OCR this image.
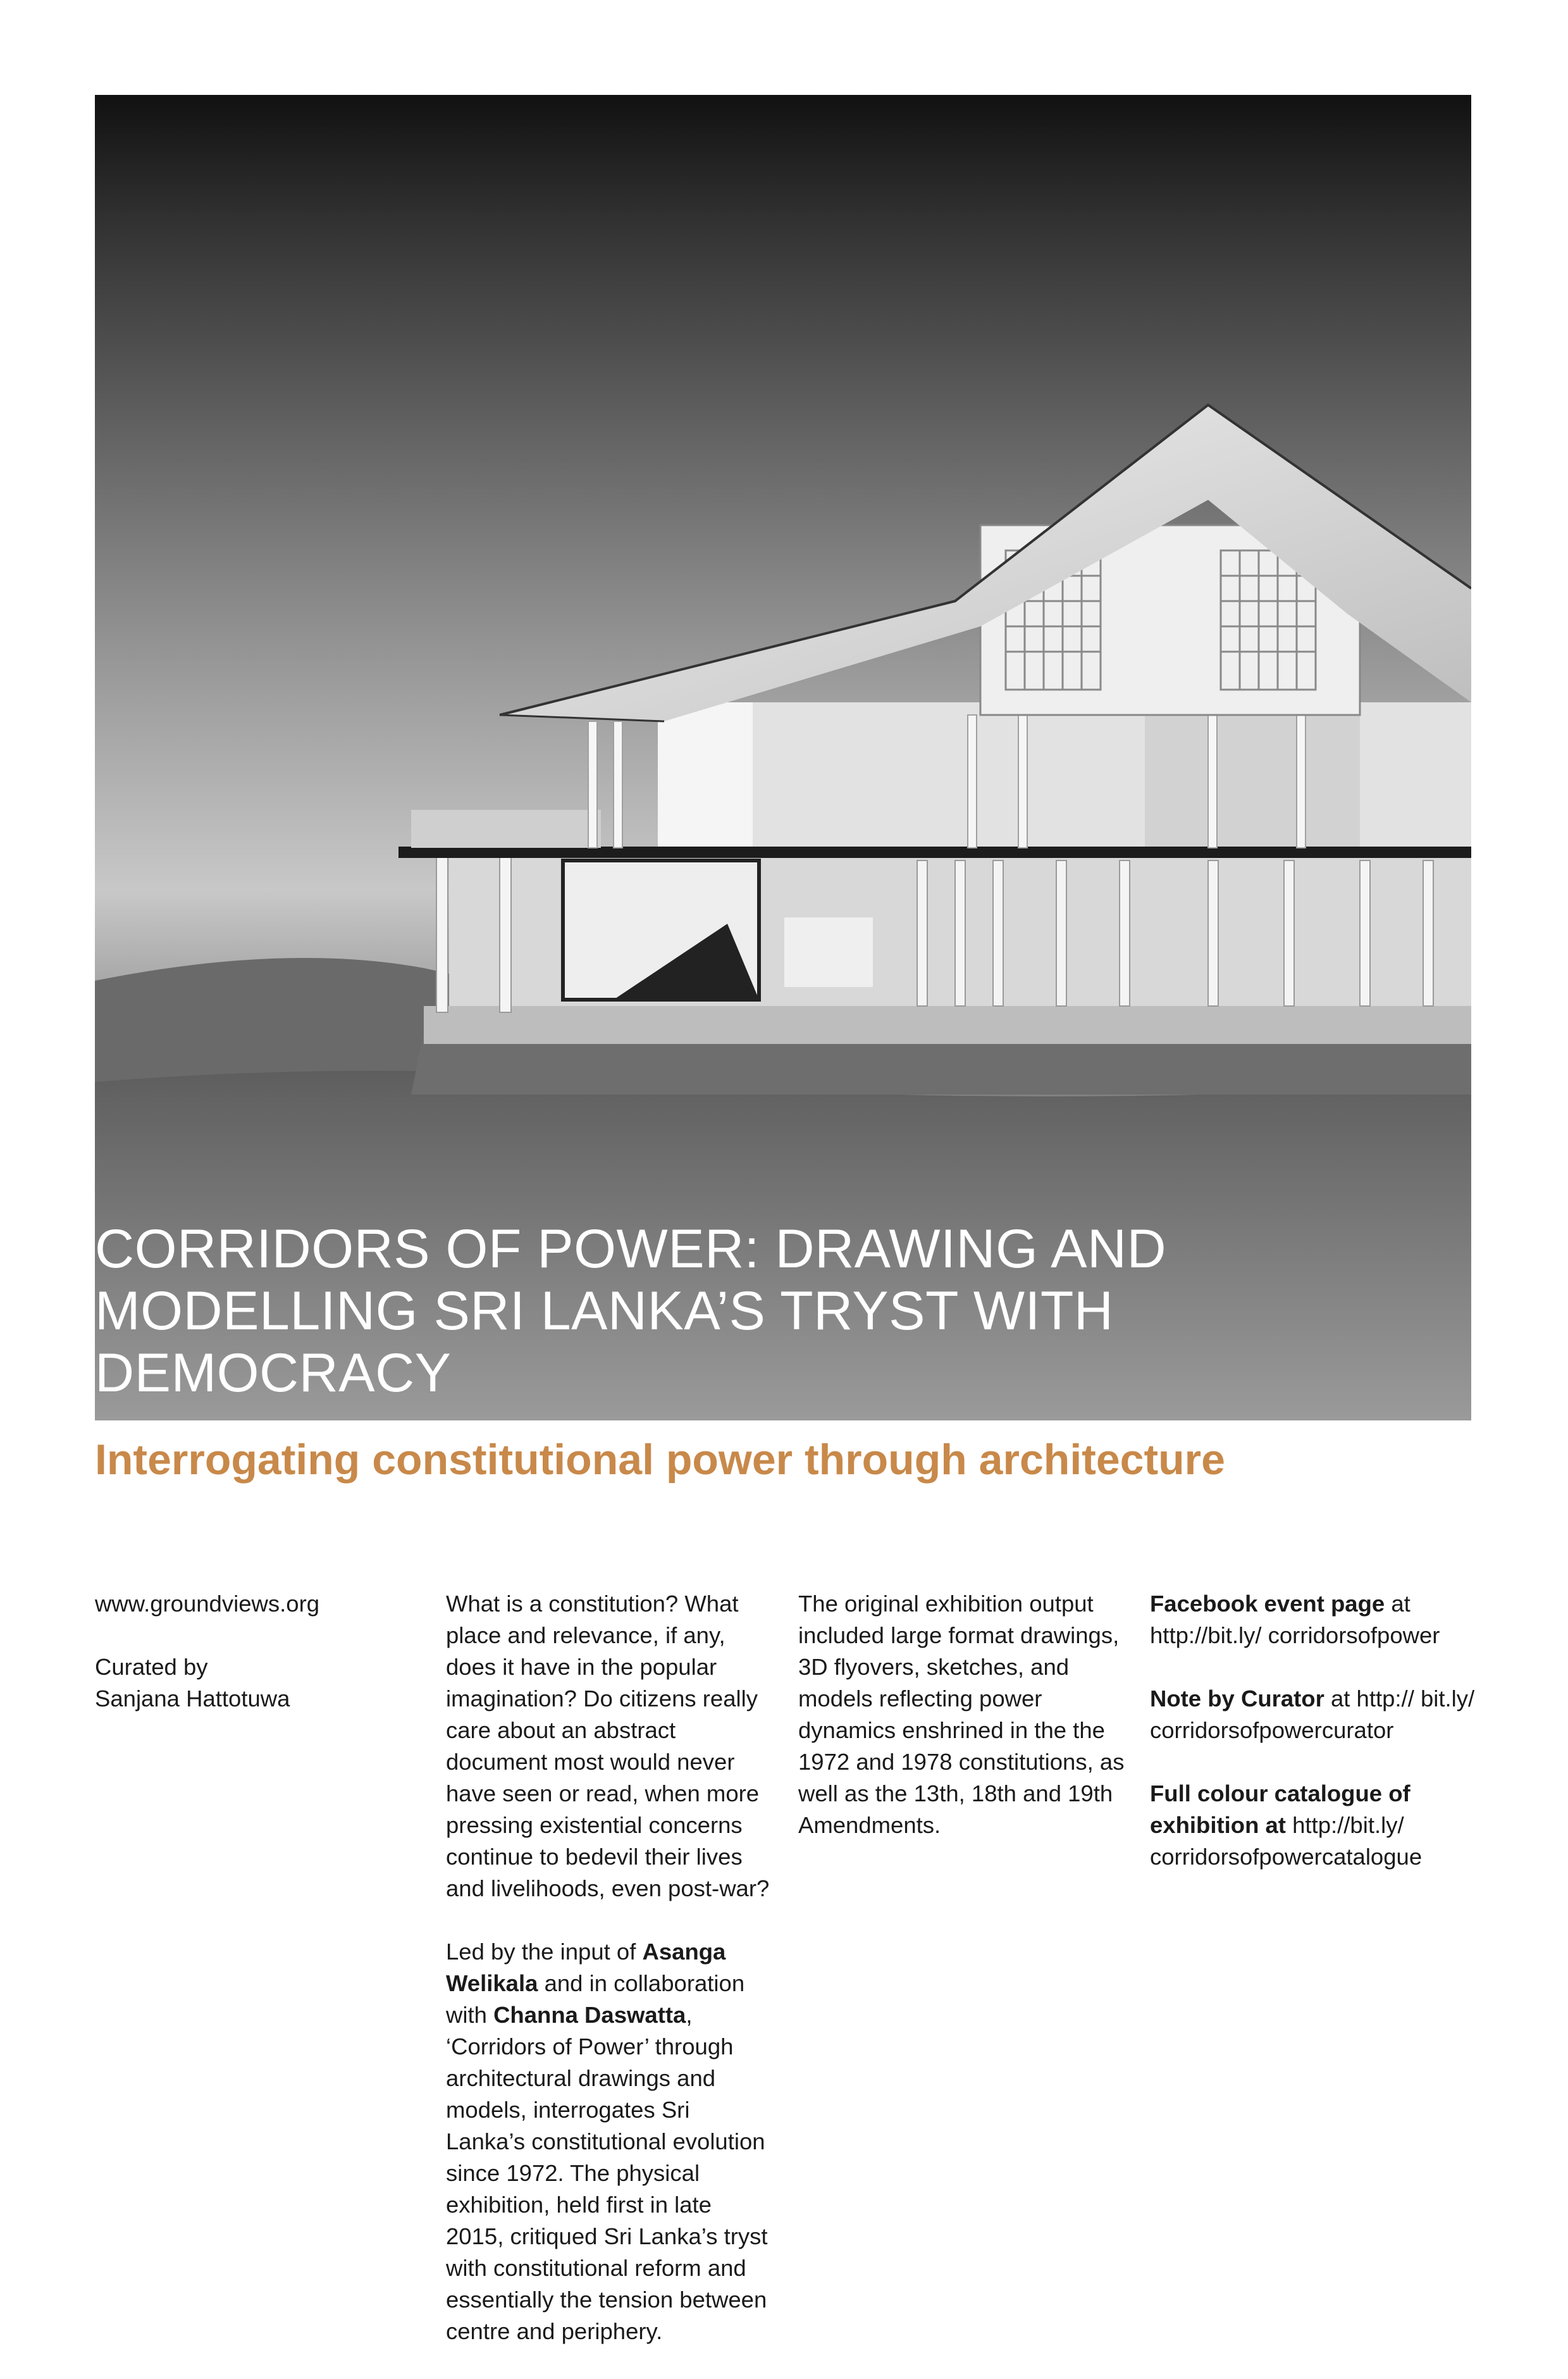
CORRIDORS OF POWER: DRAWING AND
MODELLING SRI LANKA’S TRYST WITH
DEMOCRACY
Interrogating constitutional power through architecture

www.groundviews.org

Curated by
Sanjana Hattotuwa

What is a constitution? What place and relevance, if any, does it have in the popular imagination? Do citizens really care about an abstract document most would never have seen or read, when more pressing existential concerns continue to bedevil their lives and livelihoods, even post-war?

Led by the input of Asanga Welikala and in collaboration with Channa Daswatta, ‘Corridors of Power’ through architectural drawings and models, interrogates Sri Lanka’s constitutional evolution since 1972. The physical exhibition, held first in late 2015, critiqued Sri Lanka’s tryst with constitutional reform and essentially the tension between centre and periphery.

The original exhibition output included large format drawings, 3D flyovers, sketches, and models reflecting power dynamics enshrined in the the 1972 and 1978 constitutions, as well as the 13th, 18th and 19th Amendments.

Facebook event page at http://bit.ly/ corridorsofpower

Note by Curator at http:// bit.ly/ corridorsofpowercurator

Full colour catalogue of exhibition at http://bit.ly/ corridorsofpowercatalogue
